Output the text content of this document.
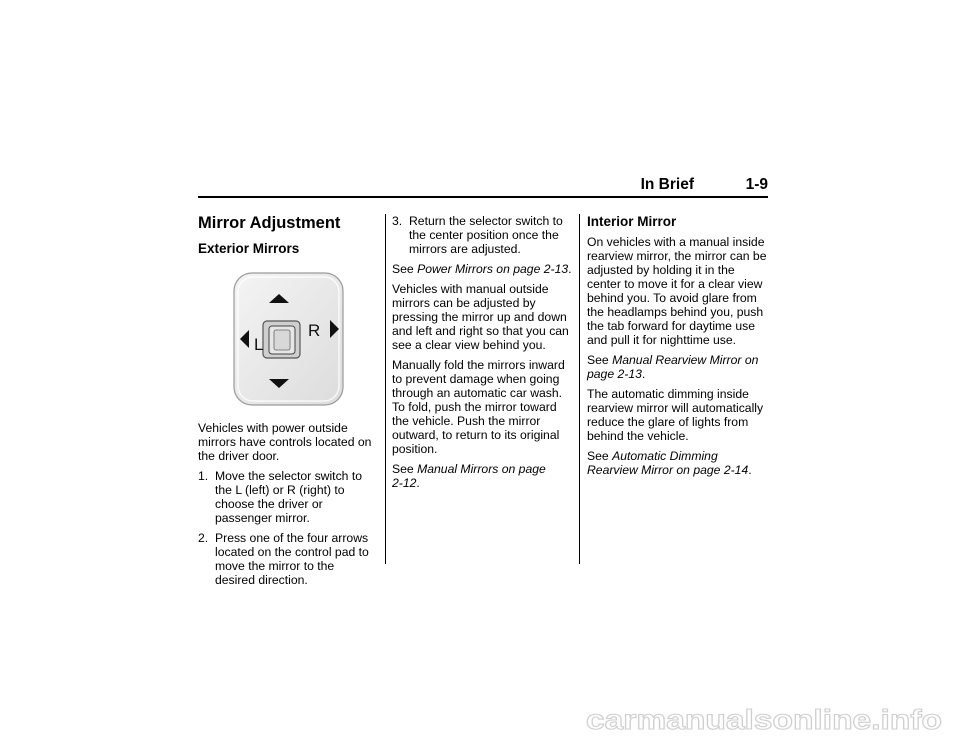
In Brief	1-9
Mirror Adjustment
Exterior Mirrors
L
R

Vehicles with power outside mirrors have controls located on the driver door.

1. Move the selector switch to the L (left) or R (right) to choose the driver or passenger mirror.
2. Press one of the four arrows located on the control pad to move the mirror to the desired direction.
3. Return the selector switch to the center position once the mirrors are adjusted.

See Power Mirrors on page 2‑13.

Vehicles with manual outside mirrors can be adjusted by pressing the mirror up and down and left and right so that you can see a clear view behind you.

Manually fold the mirrors inward to prevent damage when going through an automatic car wash. To fold, push the mirror toward the vehicle. Push the mirror outward, to return to its original position.

See Manual Mirrors on page 2‑12.

Interior Mirror

On vehicles with a manual inside rearview mirror, the mirror can be adjusted by holding it in the center to move it for a clear view behind you. To avoid glare from the headlamps behind you, push the tab forward for daytime use and pull it for nighttime use.

See Manual Rearview Mirror on page 2‑13.

The automatic dimming inside rearview mirror will automatically reduce the glare of lights from behind the vehicle.

See Automatic Dimming Rearview Mirror on page 2‑14.

carmanualsonline.info
